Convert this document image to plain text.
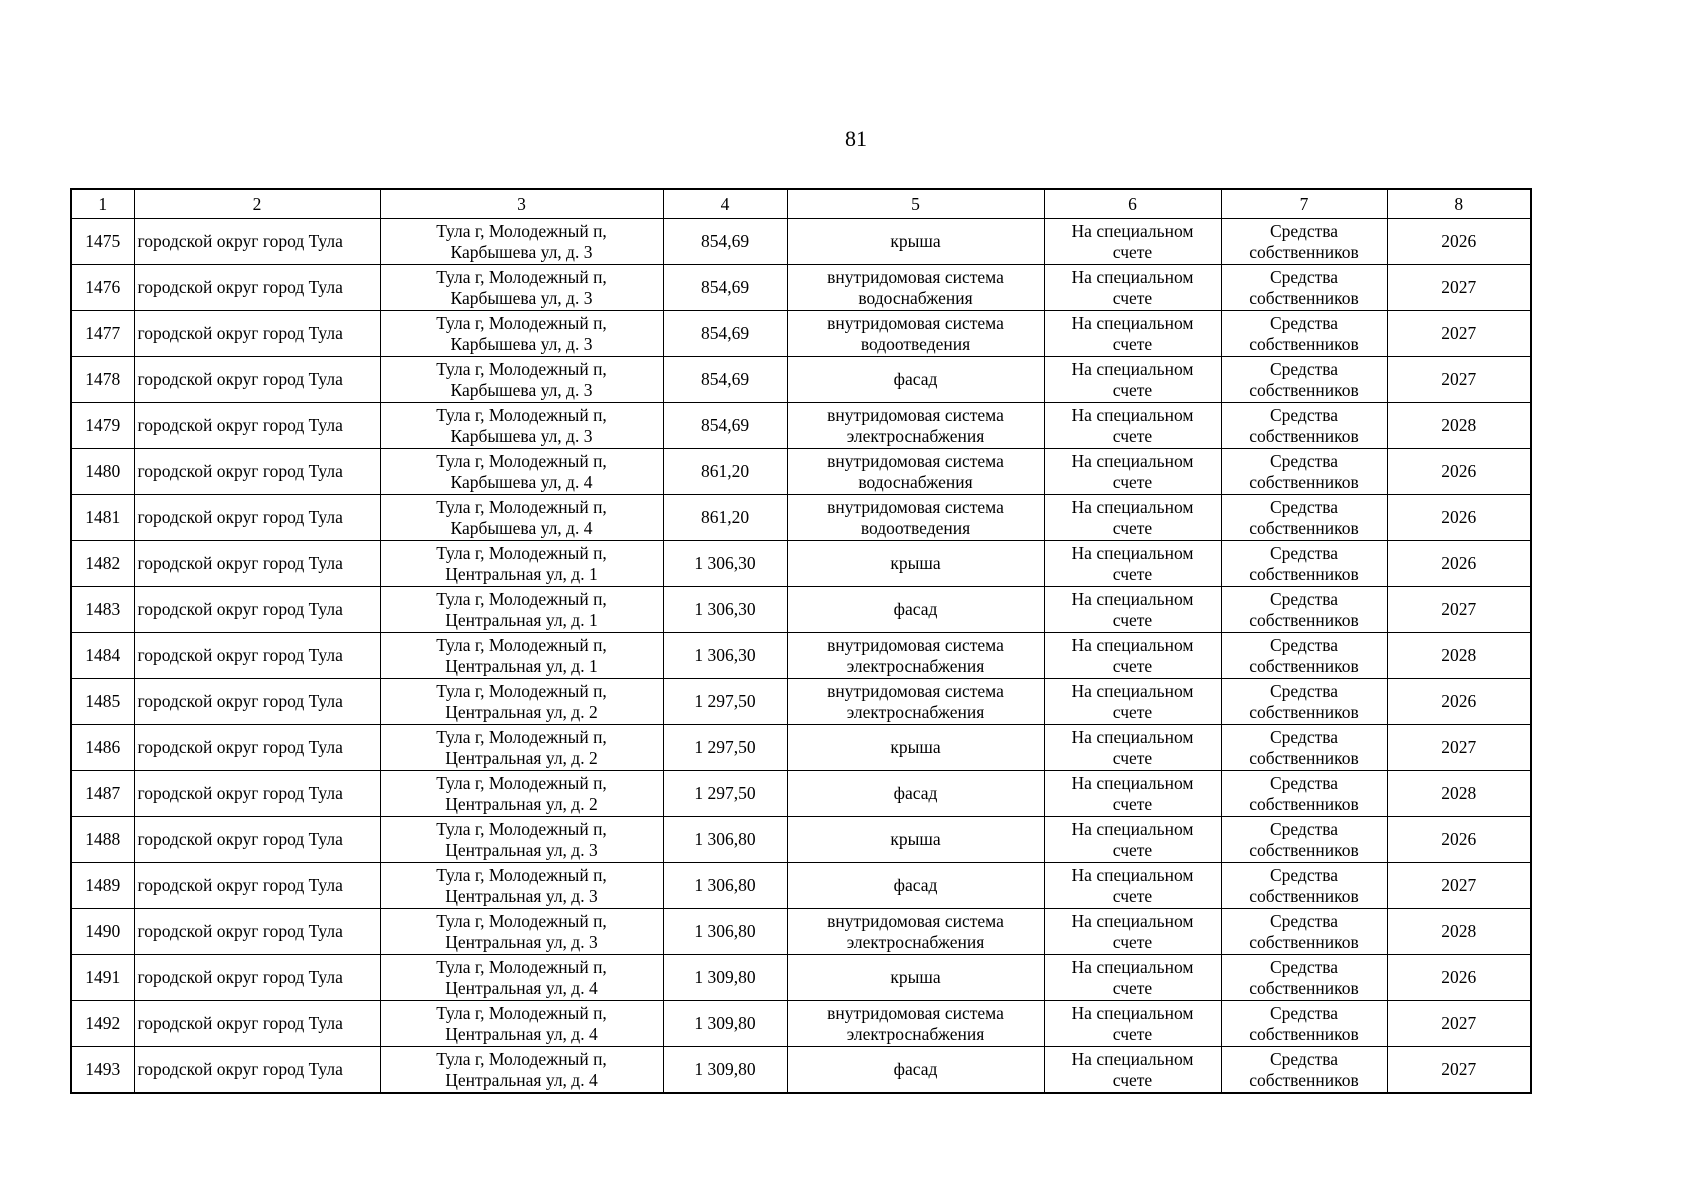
81
1	2	3	4	5	6	7	8
1475	городской округ город Тула	Тула г, Молодежный п,
Карбышева ул, д. 3	854,69	крыша	На специальном
счете	Средства
собственников	2026
1476	городской округ город Тула	Тула г, Молодежный п,
Карбышева ул, д. 3	854,69	внутридомовая система
водоснабжения	На специальном
счете	Средства
собственников	2027
1477	городской округ город Тула	Тула г, Молодежный п,
Карбышева ул, д. 3	854,69	внутридомовая система
водоотведения	На специальном
счете	Средства
собственников	2027
1478	городской округ город Тула	Тула г, Молодежный п,
Карбышева ул, д. 3	854,69	фасад	На специальном
счете	Средства
собственников	2027
1479	городской округ город Тула	Тула г, Молодежный п,
Карбышева ул, д. 3	854,69	внутридомовая система
электроснабжения	На специальном
счете	Средства
собственников	2028
1480	городской округ город Тула	Тула г, Молодежный п,
Карбышева ул, д. 4	861,20	внутридомовая система
водоснабжения	На специальном
счете	Средства
собственников	2026
1481	городской округ город Тула	Тула г, Молодежный п,
Карбышева ул, д. 4	861,20	внутридомовая система
водоотведения	На специальном
счете	Средства
собственников	2026
1482	городской округ город Тула	Тула г, Молодежный п,
Центральная ул, д. 1	1 306,30	крыша	На специальном
счете	Средства
собственников	2026
1483	городской округ город Тула	Тула г, Молодежный п,
Центральная ул, д. 1	1 306,30	фасад	На специальном
счете	Средства
собственников	2027
1484	городской округ город Тула	Тула г, Молодежный п,
Центральная ул, д. 1	1 306,30	внутридомовая система
электроснабжения	На специальном
счете	Средства
собственников	2028
1485	городской округ город Тула	Тула г, Молодежный п,
Центральная ул, д. 2	1 297,50	внутридомовая система
электроснабжения	На специальном
счете	Средства
собственников	2026
1486	городской округ город Тула	Тула г, Молодежный п,
Центральная ул, д. 2	1 297,50	крыша	На специальном
счете	Средства
собственников	2027
1487	городской округ город Тула	Тула г, Молодежный п,
Центральная ул, д. 2	1 297,50	фасад	На специальном
счете	Средства
собственников	2028
1488	городской округ город Тула	Тула г, Молодежный п,
Центральная ул, д. 3	1 306,80	крыша	На специальном
счете	Средства
собственников	2026
1489	городской округ город Тула	Тула г, Молодежный п,
Центральная ул, д. 3	1 306,80	фасад	На специальном
счете	Средства
собственников	2027
1490	городской округ город Тула	Тула г, Молодежный п,
Центральная ул, д. 3	1 306,80	внутридомовая система
электроснабжения	На специальном
счете	Средства
собственников	2028
1491	городской округ город Тула	Тула г, Молодежный п,
Центральная ул, д. 4	1 309,80	крыша	На специальном
счете	Средства
собственников	2026
1492	городской округ город Тула	Тула г, Молодежный п,
Центральная ул, д. 4	1 309,80	внутридомовая система
электроснабжения	На специальном
счете	Средства
собственников	2027
1493	городской округ город Тула	Тула г, Молодежный п,
Центральная ул, д. 4	1 309,80	фасад	На специальном
счете	Средства
собственников	2027
